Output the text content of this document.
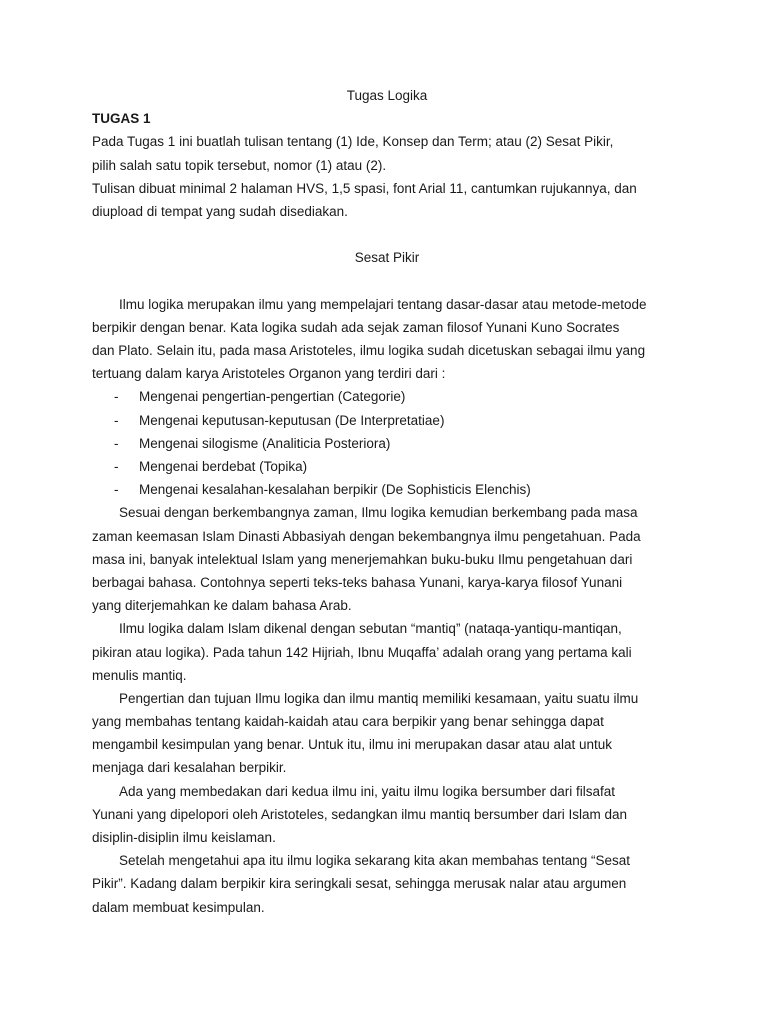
Tugas Logika
TUGAS 1
Pada Tugas 1 ini buatlah tulisan tentang (1) Ide, Konsep dan Term; atau (2) Sesat Pikir,
pilih salah satu topik tersebut, nomor (1) atau (2).
Tulisan dibuat minimal 2 halaman HVS, 1,5 spasi, font Arial 11, cantumkan rujukannya, dan
diupload di tempat yang sudah disediakan.
Sesat Pikir
Ilmu logika merupakan ilmu yang mempelajari tentang dasar-dasar atau metode-metode
berpikir dengan benar. Kata logika sudah ada sejak zaman filosof Yunani Kuno Socrates
dan Plato. Selain itu, pada masa Aristoteles, ilmu logika sudah dicetuskan sebagai ilmu yang
tertuang dalam karya Aristoteles Organon yang terdiri dari :
-	Mengenai pengertian-pengertian (Categorie)
-	Mengenai keputusan-keputusan (De Interpretatiae)
-	Mengenai silogisme (Analiticia Posteriora)
-	Mengenai berdebat (Topika)
-	Mengenai kesalahan-kesalahan berpikir (De Sophisticis Elenchis)
Sesuai dengan berkembangnya zaman, Ilmu logika kemudian berkembang pada masa
zaman keemasan Islam Dinasti Abbasiyah dengan bekembangnya ilmu pengetahuan. Pada
masa ini, banyak intelektual Islam yang menerjemahkan buku-buku Ilmu pengetahuan dari
berbagai bahasa. Contohnya seperti teks-teks bahasa Yunani, karya-karya filosof Yunani
yang diterjemahkan ke dalam bahasa Arab.
Ilmu logika dalam Islam dikenal dengan sebutan “mantiq” (nataqa-yantiqu-mantiqan,
pikiran atau logika). Pada tahun 142 Hijriah, Ibnu Muqaffa’ adalah orang yang pertama kali
menulis mantiq.
Pengertian dan tujuan Ilmu logika dan ilmu mantiq memiliki kesamaan, yaitu suatu ilmu
yang membahas tentang kaidah-kaidah atau cara berpikir yang benar sehingga dapat
mengambil kesimpulan yang benar. Untuk itu, ilmu ini merupakan dasar atau alat untuk
menjaga dari kesalahan berpikir.
Ada yang membedakan dari kedua ilmu ini, yaitu ilmu logika bersumber dari filsafat
Yunani yang dipelopori oleh Aristoteles, sedangkan ilmu mantiq bersumber dari Islam dan
disiplin-disiplin ilmu keislaman.
Setelah mengetahui apa itu ilmu logika sekarang kita akan membahas tentang “Sesat
Pikir”. Kadang dalam berpikir kira seringkali sesat, sehingga merusak nalar atau argumen
dalam membuat kesimpulan.
